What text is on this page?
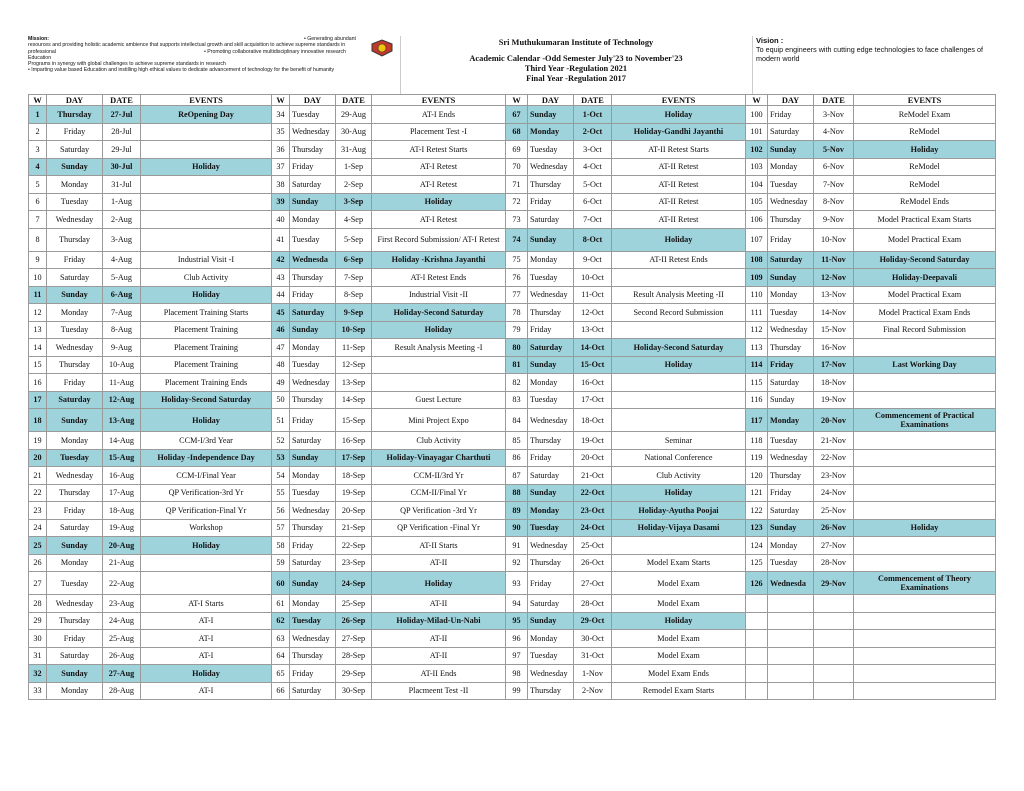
Mission:	• Generating abundant
resources and providing holistic academic ambience that supports intellectual growth and skill acquisition to achieve supreme standards in professional
Education
• Promoting collaborative multidisciplinary innovative research
Programs in synergy with global challenges to achieve supreme standards in research
• Imparting value based Education and instilling high ethical values to dedicate advancement of technology for the benefit of humanity
Sri Muthukumaran Institute of Technology
Academic Calendar -Odd Semester July'23 to November'23
Third Year -Regulation 2021
Final Year -Regulation 2017
Vision :
To equip engineers with cutting edge technologies to face challenges of modern world
W	DAY	DATE	EVENTS	W	DAY	DATE	EVENTS	W	DAY	DATE	EVENTS	W	DAY	DATE	EVENTS
1	Thursday	27-Jul	ReOpening Day	34	Tuesday	29-Aug	AT-I Ends	67	Sunday	1-Oct	Holiday	100	Friday	3-Nov	ReModel Exam
2	Friday	28-Jul		35	Wednesday	30-Aug	Placement Test -I	68	Monday	2-Oct	Holiday-Gandhi Jayanthi	101	Saturday	4-Nov	ReModel
3	Saturday	29-Jul		36	Thursday	31-Aug	AT-I Retest Starts	69	Tuesday	3-Oct	AT-II Retest Starts	102	Sunday	5-Nov	Holiday
4	Sunday	30-Jul	Holiday	37	Friday	1-Sep	AT-I Retest	70	Wednesday	4-Oct	AT-II Retest	103	Monday	6-Nov	ReModel
5	Monday	31-Jul		38	Saturday	2-Sep	AT-I Retest	71	Thursday	5-Oct	AT-II Retest	104	Tuesday	7-Nov	ReModel
6	Tuesday	1-Aug		39	Sunday	3-Sep	Holiday	72	Friday	6-Oct	AT-II Retest	105	Wednesday	8-Nov	ReModel Ends
7	Wednesday	2-Aug		40	Monday	4-Sep	AT-I Retest	73	Saturday	7-Oct	AT-II Retest	106	Thursday	9-Nov	Model Practical Exam Starts
8	Thursday	3-Aug		41	Tuesday	5-Sep	First Record Submission/ AT-I Retest	74	Sunday	8-Oct	Holiday	107	Friday	10-Nov	Model Practical Exam
9	Friday	4-Aug	Industrial Visit -I	42	Wednesda	6-Sep	Holiday -Krishna Jayanthi	75	Monday	9-Oct	AT-II Retest Ends	108	Saturday	11-Nov	Holiday-Second Saturday
10	Saturday	5-Aug	Club Activity	43	Thursday	7-Sep	AT-I Retest Ends	76	Tuesday	10-Oct		109	Sunday	12-Nov	Holiday-Deepavali
11	Sunday	6-Aug	Holiday	44	Friday	8-Sep	Industrial Visit -II	77	Wednesday	11-Oct	Result Analysis Meeting -II	110	Monday	13-Nov	Model Practical Exam
12	Monday	7-Aug	Placement Training Starts	45	Saturday	9-Sep	Holiday-Second Saturday	78	Thursday	12-Oct	Second Record Submission	111	Tuesday	14-Nov	Model Practical Exam Ends
13	Tuesday	8-Aug	Placement Training	46	Sunday	10-Sep	Holiday	79	Friday	13-Oct		112	Wednesday	15-Nov	Final Record Submission
14	Wednesday	9-Aug	Placement Training	47	Monday	11-Sep	Result Analysis Meeting -I	80	Saturday	14-Oct	Holiday-Second Saturday	113	Thursday	16-Nov	
15	Thursday	10-Aug	Placement Training	48	Tuesday	12-Sep		81	Sunday	15-Oct	Holiday	114	Friday	17-Nov	Last Working Day
16	Friday	11-Aug	Placement Training Ends	49	Wednesday	13-Sep		82	Monday	16-Oct		115	Saturday	18-Nov	
17	Saturday	12-Aug	Holiday-Second Saturday	50	Thursday	14-Sep	Guest Lecture	83	Tuesday	17-Oct		116	Sunday	19-Nov	
18	Sunday	13-Aug	Holiday	51	Friday	15-Sep	Mini Project Expo	84	Wednesday	18-Oct		117	Monday	20-Nov	Commencement of Practical Examinations
19	Monday	14-Aug	CCM-I/3rd Year	52	Saturday	16-Sep	Club Activity	85	Thursday	19-Oct	Seminar	118	Tuesday	21-Nov	
20	Tuesday	15-Aug	Holiday -Independence Day	53	Sunday	17-Sep	Holiday-Vinayagar Charthuti	86	Friday	20-Oct	National Conference	119	Wednesday	22-Nov	
21	Wednesday	16-Aug	CCM-I/Final Year	54	Monday	18-Sep	CCM-II/3rd Yr	87	Saturday	21-Oct	Club Activity	120	Thursday	23-Nov	
22	Thursday	17-Aug	QP Verification-3rd Yr	55	Tuesday	19-Sep	CCM-II/Final Yr	88	Sunday	22-Oct	Holiday	121	Friday	24-Nov	
23	Friday	18-Aug	QP Verification-Final Yr	56	Wednesday	20-Sep	QP Verification -3rd Yr	89	Monday	23-Oct	Holiday-Ayutha Poojai	122	Saturday	25-Nov	
24	Saturday	19-Aug	Workshop	57	Thursday	21-Sep	QP Verification -Final Yr	90	Tuesday	24-Oct	Holiday-Vijaya Dasami	123	Sunday	26-Nov	Holiday
25	Sunday	20-Aug	Holiday	58	Friday	22-Sep	AT-II Starts	91	Wednesday	25-Oct		124	Monday	27-Nov	
26	Monday	21-Aug		59	Saturday	23-Sep	AT-II	92	Thursday	26-Oct	Model Exam Starts	125	Tuesday	28-Nov	
27	Tuesday	22-Aug		60	Sunday	24-Sep	Holiday	93	Friday	27-Oct	Model Exam	126	Wednesda	29-Nov	Commencement of Theory Examinations
28	Wednesday	23-Aug	AT-I Starts	61	Monday	25-Sep	AT-II	94	Saturday	28-Oct	Model Exam				
29	Thursday	24-Aug	AT-I	62	Tuesday	26-Sep	Holiday-Milad-Un-Nabi	95	Sunday	29-Oct	Holiday				
30	Friday	25-Aug	AT-I	63	Wednesday	27-Sep	AT-II	96	Monday	30-Oct	Model Exam				
31	Saturday	26-Aug	AT-I	64	Thursday	28-Sep	AT-II	97	Tuesday	31-Oct	Model Exam				
32	Sunday	27-Aug	Holiday	65	Friday	29-Sep	AT-II Ends	98	Wednesday	1-Nov	Model Exam Ends				
33	Monday	28-Aug	AT-I	66	Saturday	30-Sep	Placmeent Test -II	99	Thursday	2-Nov	Remodel Exam Starts				
